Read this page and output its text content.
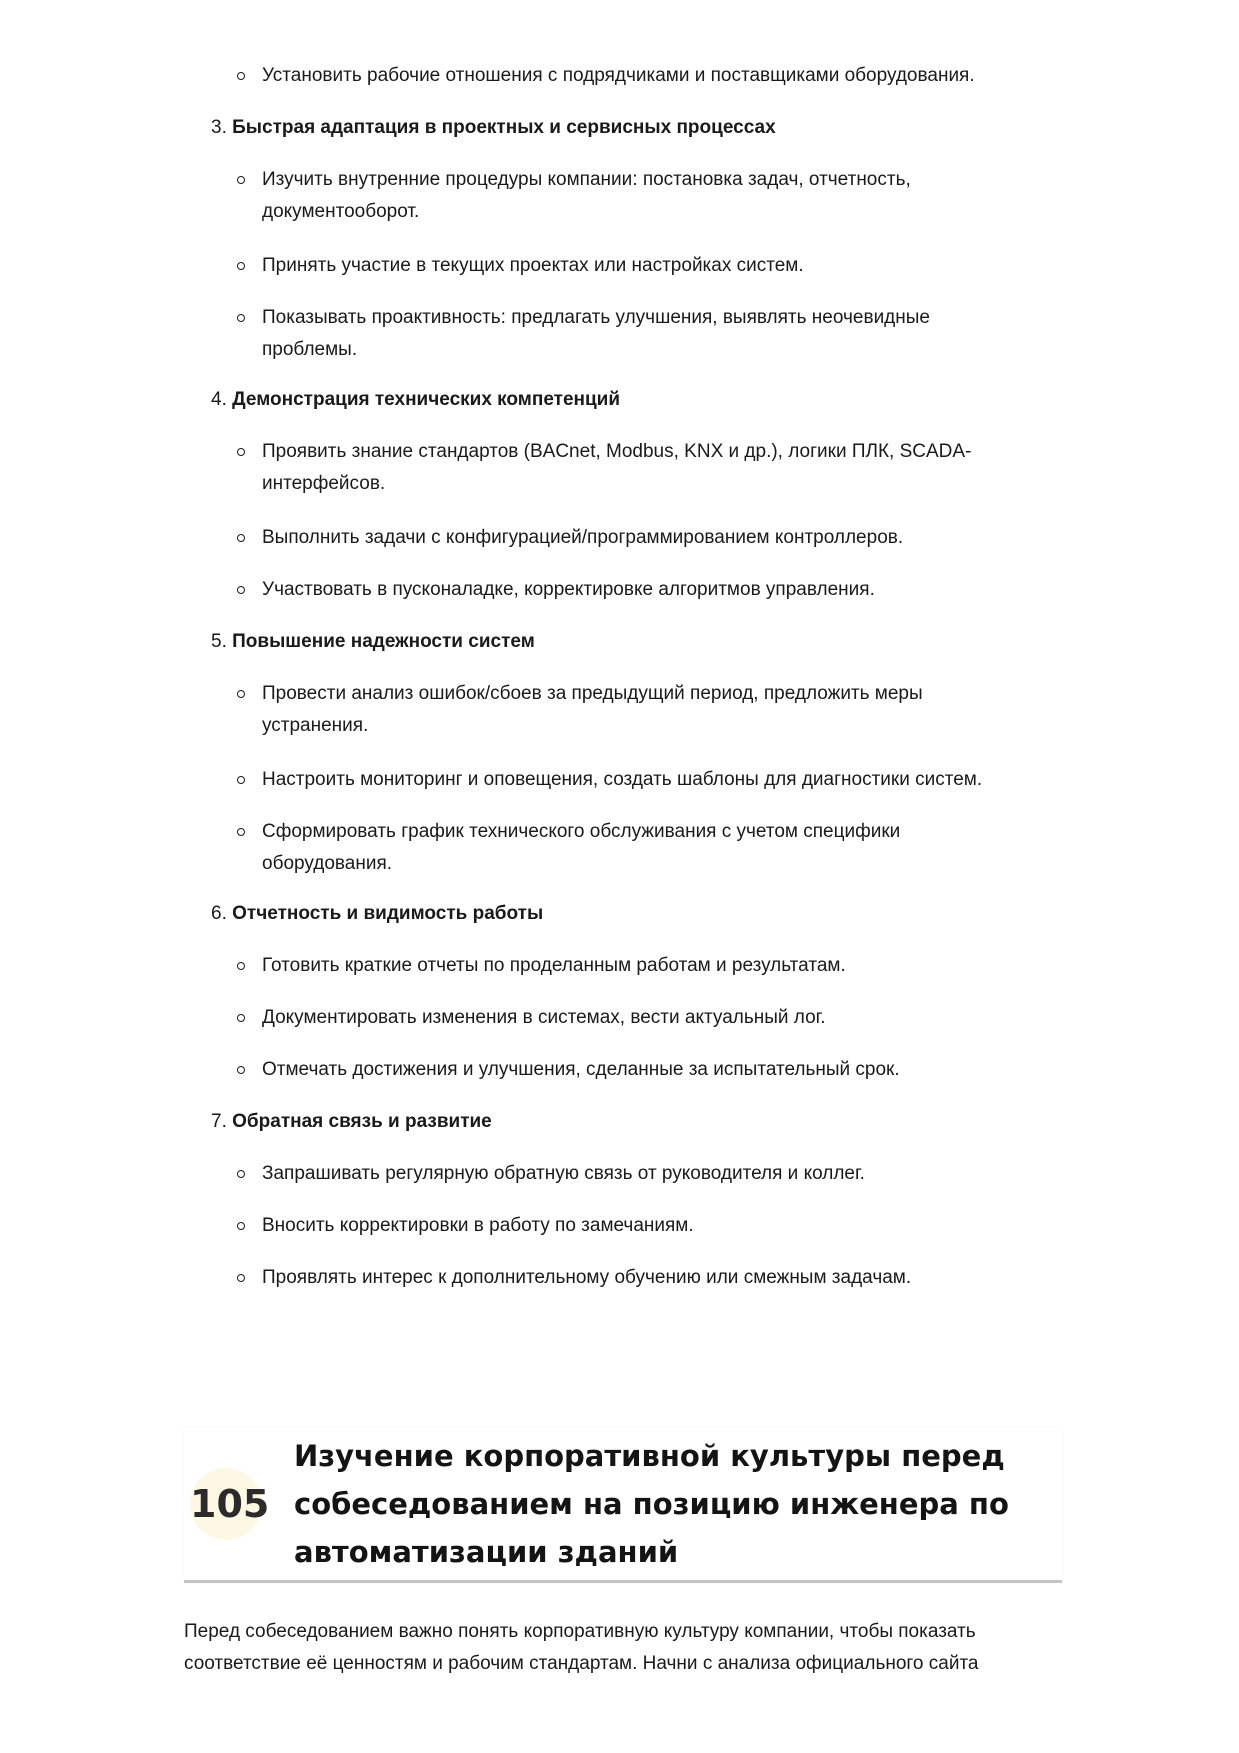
Установить рабочие отношения с подрядчиками и поставщиками оборудования.

3. Быстрая адаптация в проектных и сервисных процессах

Изучить внутренние процедуры компании: постановка задач, отчетность, документооборот.

Принять участие в текущих проектах или настройках систем.

Показывать проактивность: предлагать улучшения, выявлять неочевидные проблемы.

4. Демонстрация технических компетенций

Проявить знание стандартов (BACnet, Modbus, KNX и др.), логики ПЛК, SCADA-интерфейсов.

Выполнить задачи с конфигурацией/программированием контроллеров.

Участвовать в пусконаладке, корректировке алгоритмов управления.

5. Повышение надежности систем

Провести анализ ошибок/сбоев за предыдущий период, предложить меры устранения.

Настроить мониторинг и оповещения, создать шаблоны для диагностики систем.

Сформировать график технического обслуживания с учетом специфики оборудования.

6. Отчетность и видимость работы

Готовить краткие отчеты по проделанным работам и результатам.

Документировать изменения в системах, вести актуальный лог.

Отмечать достижения и улучшения, сделанные за испытательный срок.

7. Обратная связь и развитие

Запрашивать регулярную обратную связь от руководителя и коллег.

Вносить корректировки в работу по замечаниям.

Проявлять интерес к дополнительному обучению или смежным задачам.

105
Изучение корпоративной культуры перед собеседованием на позицию инженера по автоматизации зданий

Перед собеседованием важно понять корпоративную культуру компании, чтобы показать соответствие её ценностям и рабочим стандартам. Начни с анализа официального сайта
